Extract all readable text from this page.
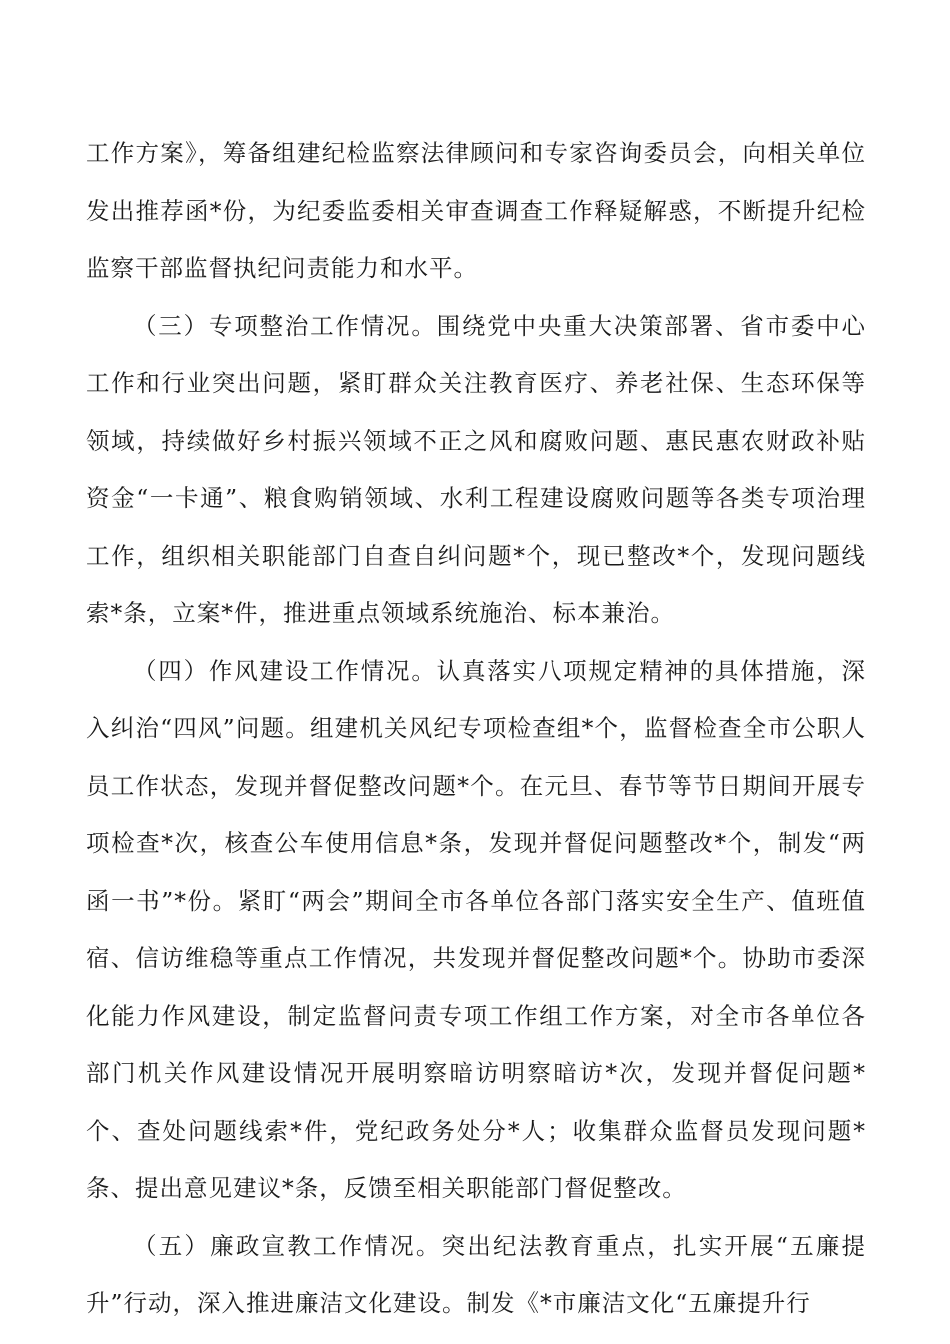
工作方案》，筹备组建纪检监察法律顾问和专家咨询委员会，向相关单位发出推荐函*份，为纪委监委相关审查调查工作释疑解惑，不断提升纪检监察干部监督执纪问责能力和水平。

（三）专项整治工作情况。围绕党中央重大决策部署、省市委中心工作和行业突出问题，紧盯群众关注教育医疗、养老社保、生态环保等领域，持续做好乡村振兴领域不正之风和腐败问题、惠民惠农财政补贴资金“一卡通”、粮食购销领域、水利工程建设腐败问题等各类专项治理工作，组织相关职能部门自查自纠问题*个，现已整改*个，发现问题线索*条，立案*件，推进重点领域系统施治、标本兼治。

（四）作风建设工作情况。认真落实八项规定精神的具体措施，深入纠治“四风”问题。组建机关风纪专项检查组*个，监督检查全市公职人员工作状态，发现并督促整改问题*个。在元旦、春节等节日期间开展专项检查*次，核查公车使用信息*条，发现并督促问题整改*个，制发“两函一书”*份。紧盯“两会”期间全市各单位各部门落实安全生产、值班值宿、信访维稳等重点工作情况，共发现并督促整改问题*个。协助市委深化能力作风建设，制定监督问责专项工作组工作方案，对全市各单位各部门机关作风建设情况开展明察暗访明察暗访*次，发现并督促问题*个、查处问题线索*件，党纪政务处分*人；收集群众监督员发现问题*条、提出意见建议*条，反馈至相关职能部门督促整改。

（五）廉政宣教工作情况。突出纪法教育重点，扎实开展“五廉提升”行动，深入推进廉洁文化建设。制发《*市廉洁文化“五廉提升行
